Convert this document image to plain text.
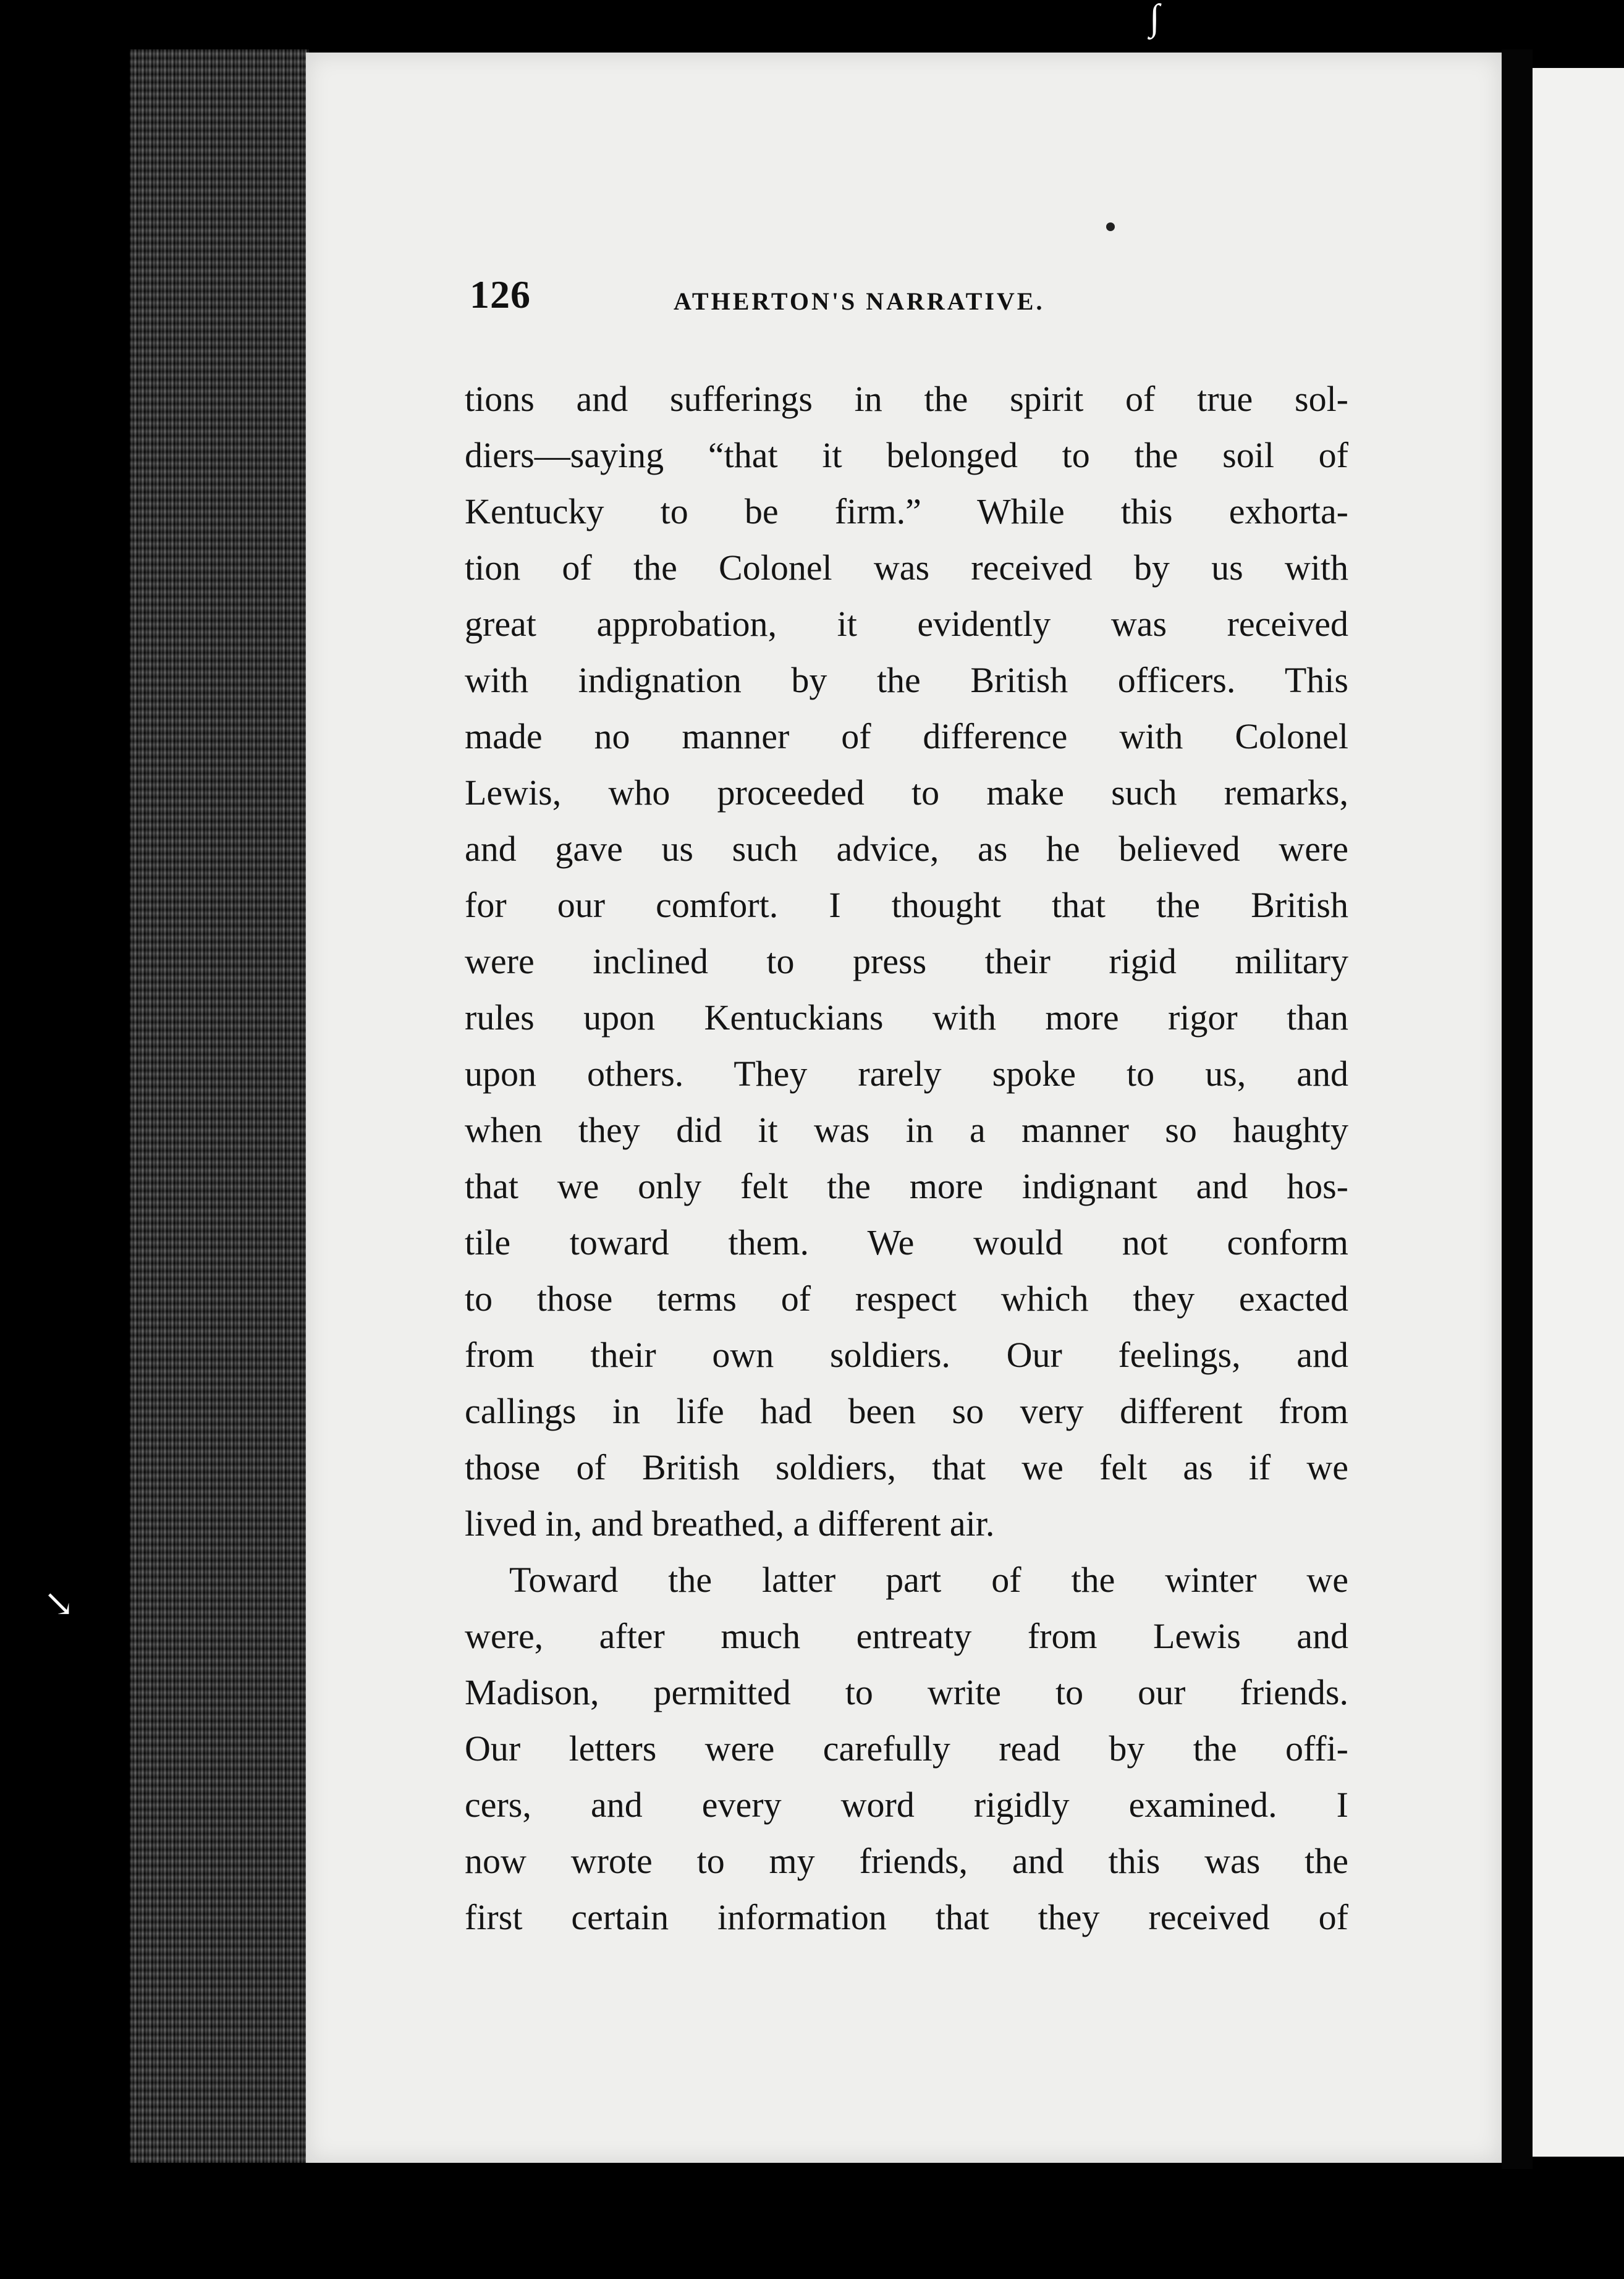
∫
↘
126	ATHERTON'S NARRATIVE.
tions and sufferings in the spirit of true sol-
diers—saying “that it belonged to the soil of
Kentucky to be firm.” While this exhorta-
tion of the Colonel was received by us with
great approbation, it evidently was received
with indignation by the British officers. This
made no manner of difference with Colonel
Lewis, who proceeded to make such remarks,
and gave us such advice, as he believed were
for our comfort. I thought that the British
were inclined to press their rigid military
rules upon Kentuckians with more rigor than
upon others. They rarely spoke to us, and
when they did it was in a manner so haughty
that we only felt the more indignant and hos-
tile toward them. We would not conform
to those terms of respect which they exacted
from their own soldiers. Our feelings, and
callings in life had been so very different from
those of British soldiers, that we felt as if we
lived in, and breathed, a different air.
Toward the latter part of the winter we
were, after much entreaty from Lewis and
Madison, permitted to write to our friends.
Our letters were carefully read by the offi-
cers, and every word rigidly examined. I
now wrote to my friends, and this was the
first certain information that they received of
